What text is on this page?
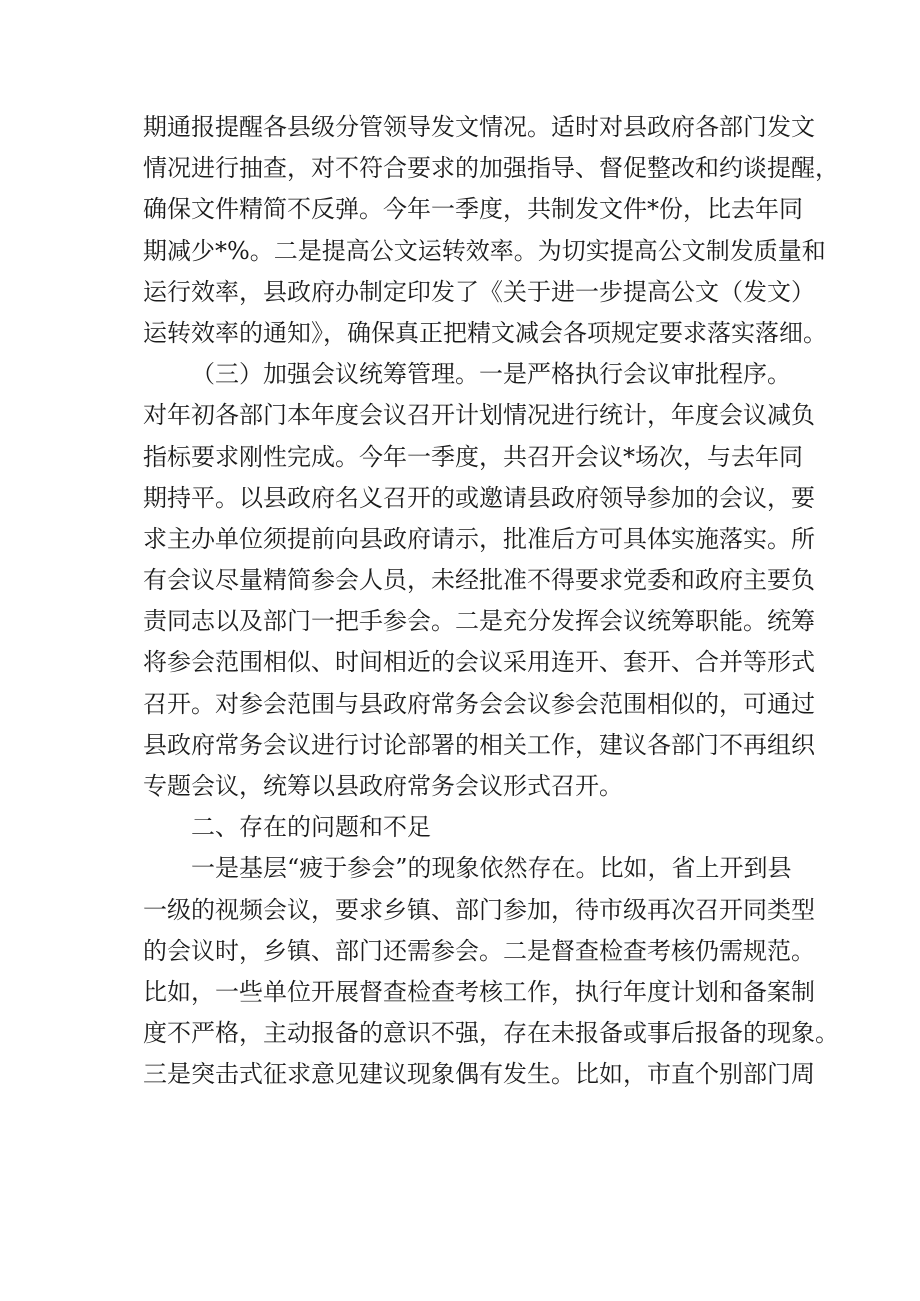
期通报提醒各县级分管领导发文情况。适时对县政府各部门发文
情况进行抽查，对不符合要求的加强指导、督促整改和约谈提醒，
确保文件精简不反弹。今年一季度，共制发文件*份，比去年同
期减少*%。二是提高公文运转效率。为切实提高公文制发质量和
运行效率，县政府办制定印发了《关于进一步提高公文（发文）
运转效率的通知》，确保真正把精文减会各项规定要求落实落细。
（三）加强会议统筹管理。一是严格执行会议审批程序。
对年初各部门本年度会议召开计划情况进行统计，年度会议减负
指标要求刚性完成。今年一季度，共召开会议*场次，与去年同
期持平。以县政府名义召开的或邀请县政府领导参加的会议，要
求主办单位须提前向县政府请示，批准后方可具体实施落实。所
有会议尽量精简参会人员，未经批准不得要求党委和政府主要负
责同志以及部门一把手参会。二是充分发挥会议统筹职能。统筹
将参会范围相似、时间相近的会议采用连开、套开、合并等形式
召开。对参会范围与县政府常务会会议参会范围相似的，可通过
县政府常务会议进行讨论部署的相关工作，建议各部门不再组织
专题会议，统筹以县政府常务会议形式召开。
二、存在的问题和不足
一是基层“疲于参会”的现象依然存在。比如，省上开到县
一级的视频会议，要求乡镇、部门参加，待市级再次召开同类型
的会议时，乡镇、部门还需参会。二是督查检查考核仍需规范。
比如，一些单位开展督查检查考核工作，执行年度计划和备案制
度不严格，主动报备的意识不强，存在未报备或事后报备的现象。
三是突击式征求意见建议现象偶有发生。比如，市直个别部门周
